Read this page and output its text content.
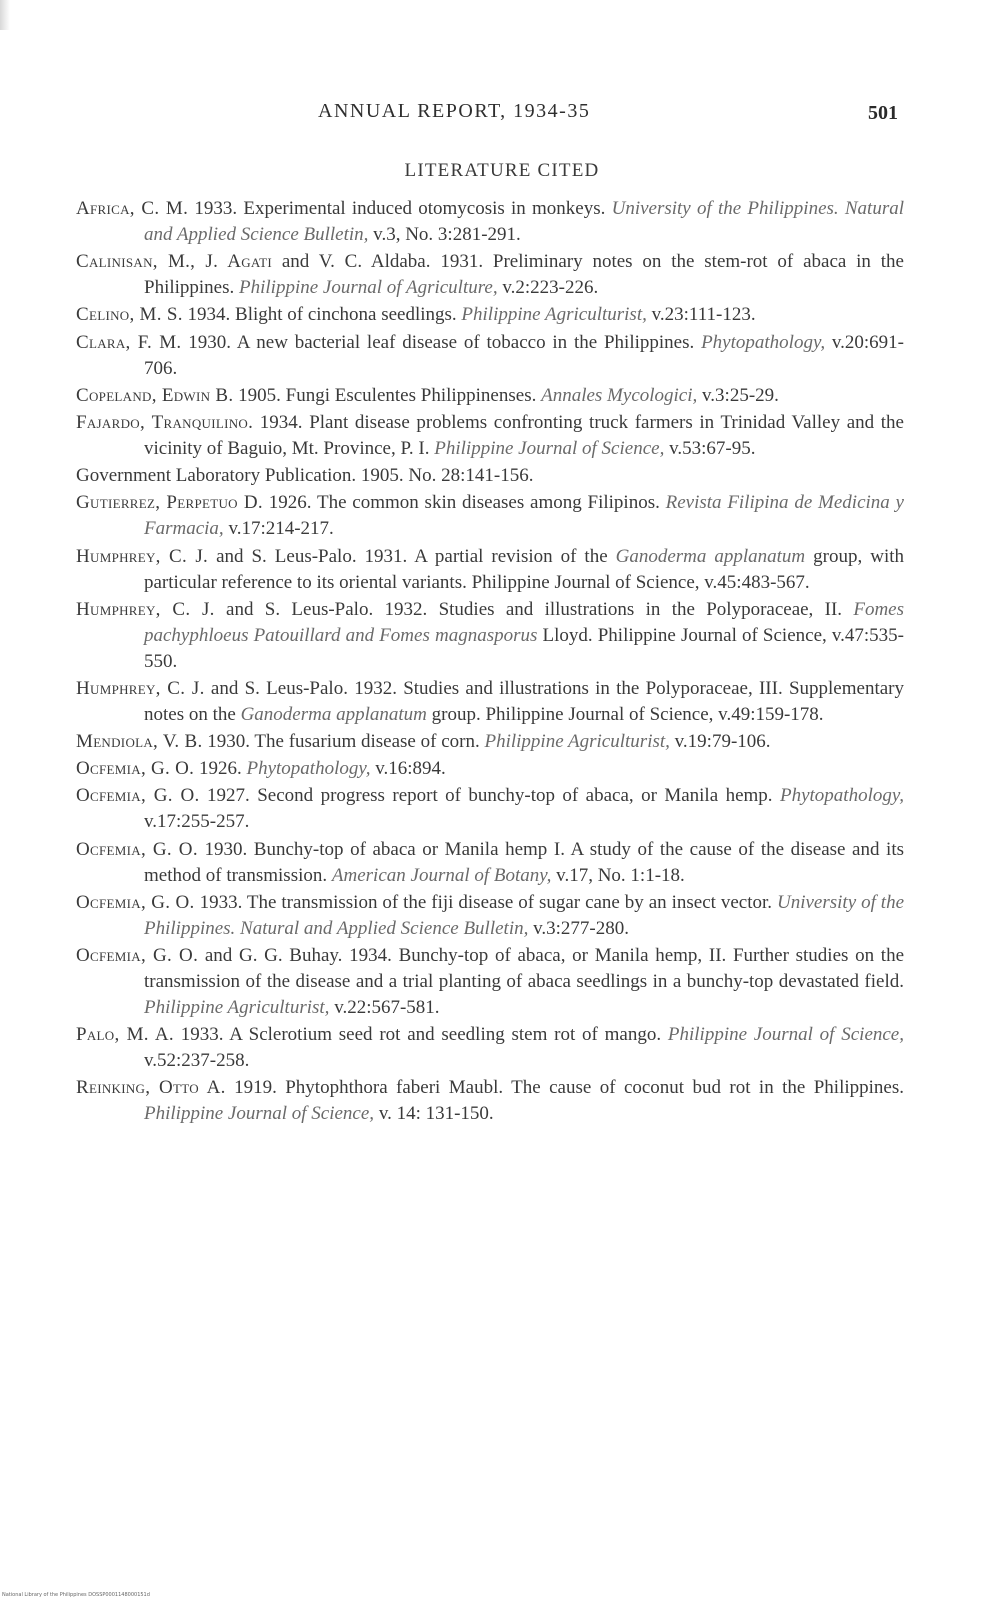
ANNUAL REPORT, 1934-35	501
LITERATURE CITED
Africa, C. M. 1933. Experimental induced otomycosis in monkeys. University of the Philippines. Natural and Applied Science Bulletin, v.3, No. 3:281-291.
Calinisan, M., J. Agati and V. C. Aldaba. 1931. Preliminary notes on the stem-rot of abaca in the Philippines. Philippine Journal of Agriculture, v.2:223-226.
Celino, M. S. 1934. Blight of cinchona seedlings. Philippine Agriculturist, v.23:111-123.
Clara, F. M. 1930. A new bacterial leaf disease of tobacco in the Philippines. Phytopathology, v.20:691-706.
Copeland, Edwin B. 1905. Fungi Esculentes Philippinenses. Annales Mycologici, v.3:25-29.
Fajardo, Tranquilino. 1934. Plant disease problems confronting truck farmers in Trinidad Valley and the vicinity of Baguio, Mt. Province, P. I. Philippine Journal of Science, v.53:67-95.
Government Laboratory Publication. 1905. No. 28:141-156.
Gutierrez, Perpetuo D. 1926. The common skin diseases among Filipinos. Revista Filipina de Medicina y Farmacia, v.17:214-217.
Humphrey, C. J. and S. Leus-Palo. 1931. A partial revision of the Ganoderma applanatum group, with particular reference to its oriental variants. Philippine Journal of Science, v.45:483-567.
Humphrey, C. J. and S. Leus-Palo. 1932. Studies and illustrations in the Polyporaceae, II. Fomes pachyphloeus Patouillard and Fomes magnasporus Lloyd. Philippine Journal of Science, v.47:535-550.
Humphrey, C. J. and S. Leus-Palo. 1932. Studies and illustrations in the Polyporaceae, III. Supplementary notes on the Ganoderma applanatum group. Philippine Journal of Science, v.49:159-178.
Mendiola, V. B. 1930. The fusarium disease of corn. Philippine Agriculturist, v.19:79-106.
Ocfemia, G. O. 1926. Phytopathology, v.16:894.
Ocfemia, G. O. 1927. Second progress report of bunchy-top of abaca, or Manila hemp. Phytopathology, v.17:255-257.
Ocfemia, G. O. 1930. Bunchy-top of abaca or Manila hemp I. A study of the cause of the disease and its method of transmission. American Journal of Botany, v.17, No. 1:1-18.
Ocfemia, G. O. 1933. The transmission of the fiji disease of sugar cane by an insect vector. University of the Philippines. Natural and Applied Science Bulletin, v.3:277-280.
Ocfemia, G. O. and G. G. Buhay. 1934. Bunchy-top of abaca, or Manila hemp, II. Further studies on the transmission of the disease and a trial planting of abaca seedlings in a bunchy-top devastated field. Philippine Agriculturist, v.22:567-581.
Palo, M. A. 1933. A Sclerotium seed rot and seedling stem rot of mango. Philippine Journal of Science, v.52:237-258.
Reinking, Otto A. 1919. Phytophthora faberi Maubl. The cause of coconut bud rot in the Philippines. Philippine Journal of Science, v. 14: 131-150.
National Library of the Philippines DOSSP0001148000151d
